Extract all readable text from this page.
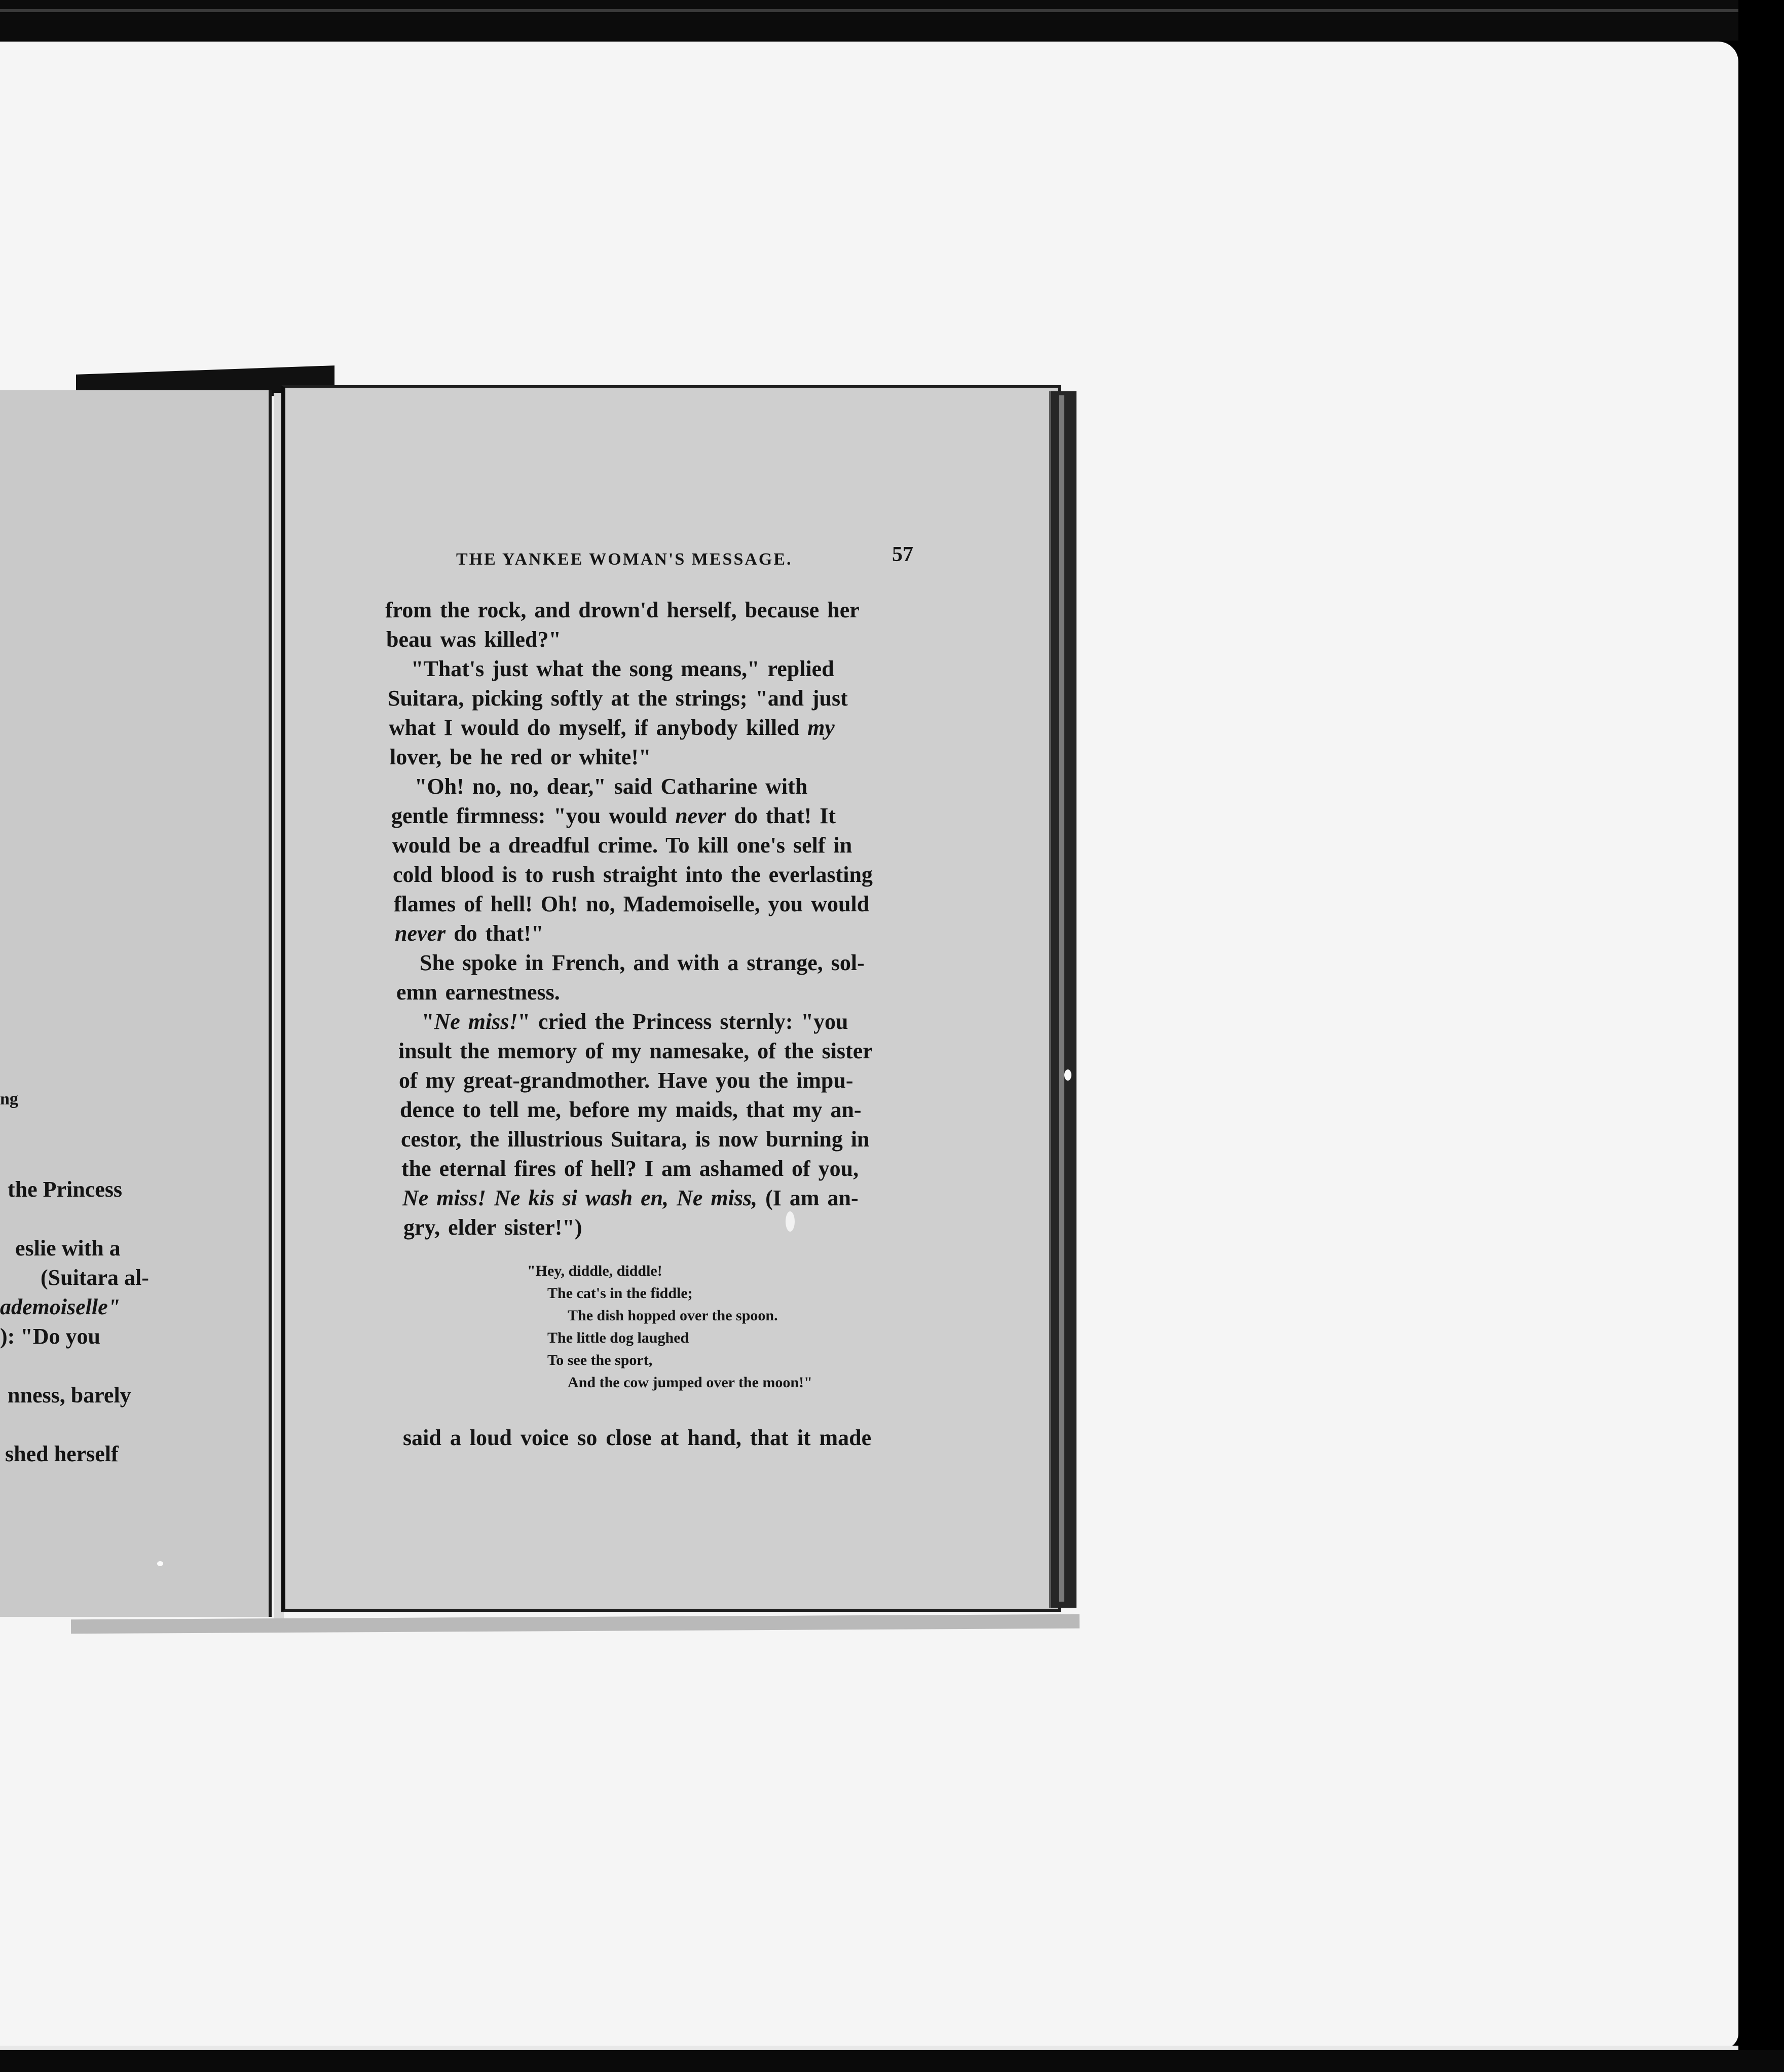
ng
the Princess
eslie with a
(Suitara al-
ademoiselle"
): "Do you
nness, barely
shed herself
THE YANKEE WOMAN'S MESSAGE.	57
from the rock, and drown'd herself, because her
beau was killed?"
"That's just what the song means," replied
Suitara, picking softly at the strings; "and just
what I would do myself, if anybody killed my
lover, be he red or white!"
"Oh! no, no, dear," said Catharine with
gentle firmness: "you would never do that! It
would be a dreadful crime. To kill one's self in
cold blood is to rush straight into the everlasting
flames of hell! Oh! no, Mademoiselle, you would
never do that!"
She spoke in French, and with a strange, sol-
emn earnestness.
"Ne miss!" cried the Princess sternly: "you
insult the memory of my namesake, of the sister
of my great-grandmother. Have you the impu-
dence to tell me, before my maids, that my an-
cestor, the illustrious Suitara, is now burning in
the eternal fires of hell? I am ashamed of you,
Ne miss! Ne kis si wash en, Ne miss, (I am an-
gry, elder sister!")
"Hey, diddle, diddle!
The cat's in the fiddle;
The dish hopped over the spoon.
The little dog laughed
To see the sport,
And the cow jumped over the moon!"
said a loud voice so close at hand, that it made
